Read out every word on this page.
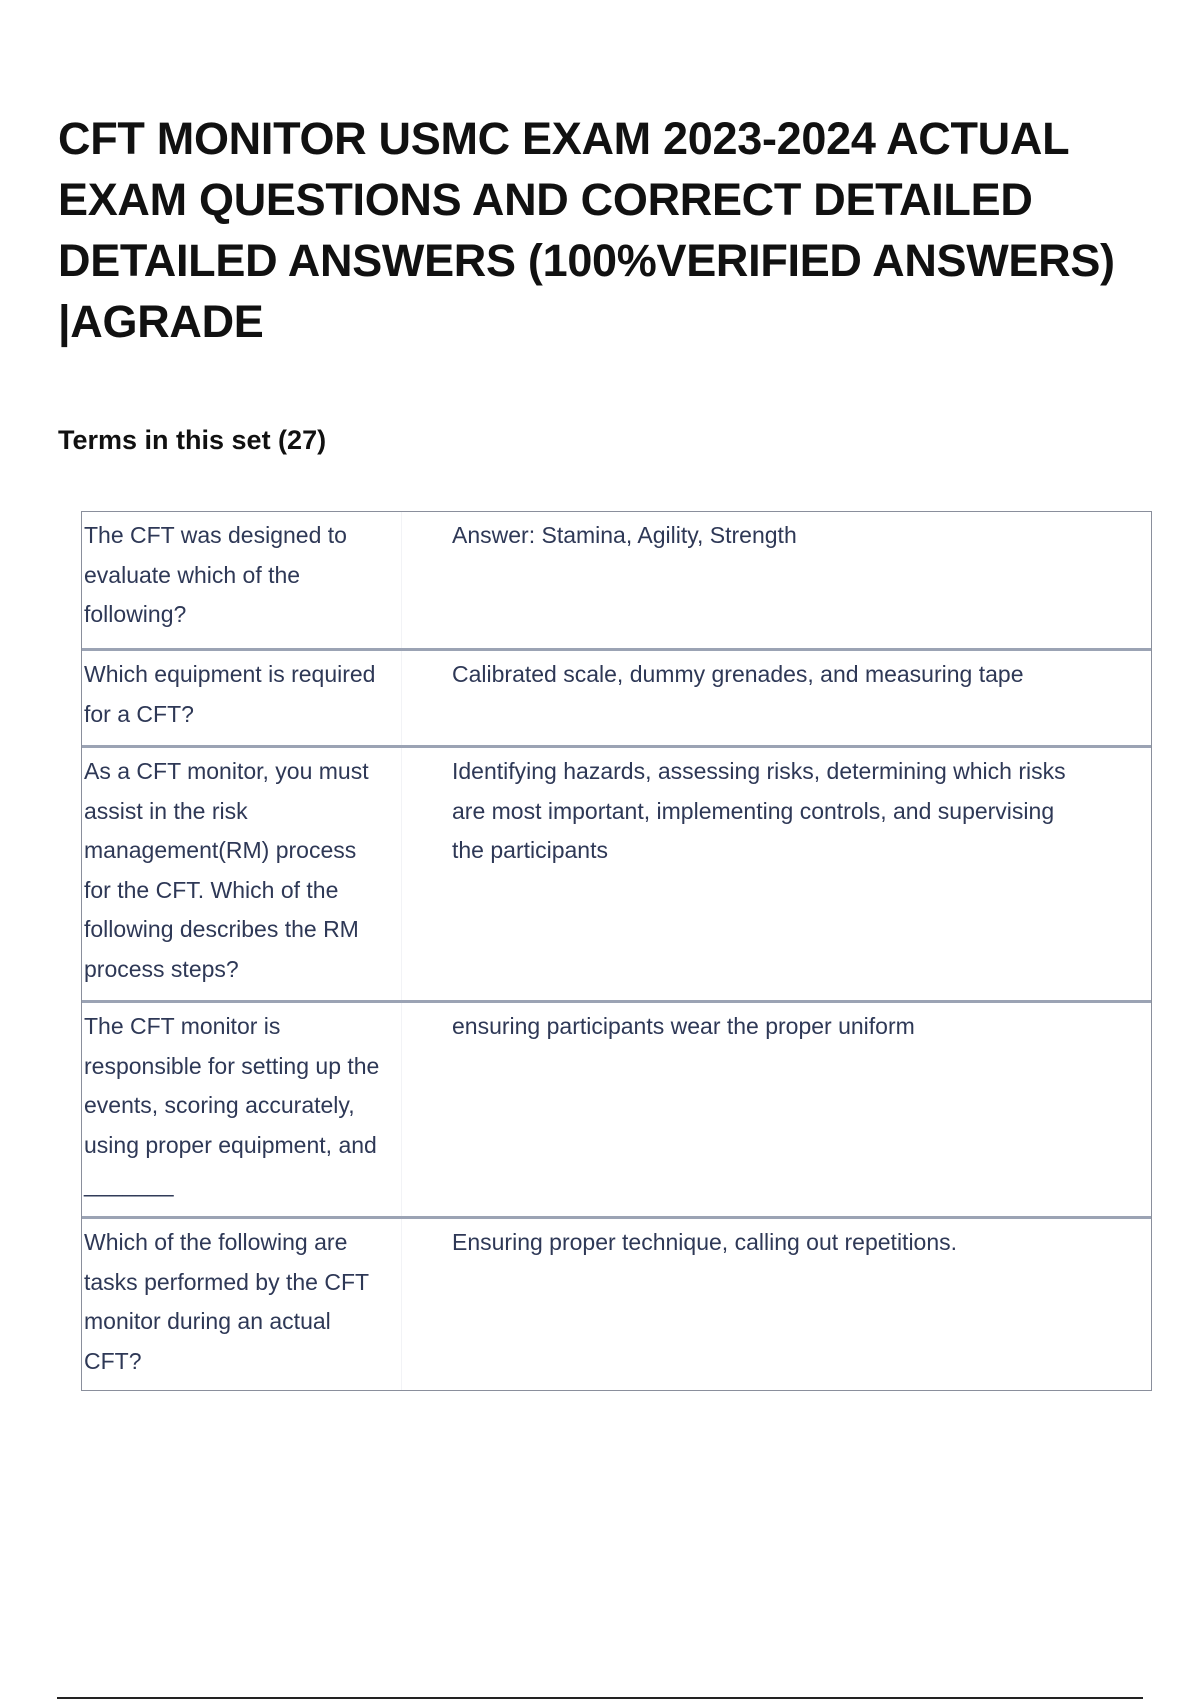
CFT MONITOR USMC EXAM 2023-2024 ACTUAL EXAM QUESTIONS AND CORRECT DETAILED DETAILED ANSWERS (100%VERIFIED ANSWERS) |AGRADE
Terms in this set (27)
The CFT was designed to evaluate which of the following?
Answer: Stamina, Agility, Strength
Which equipment is required for a CFT?
Calibrated scale, dummy grenades, and measuring tape
As a CFT monitor, you must assist in the risk management(RM) process for the CFT. Which of the following describes the RM process steps?
Identifying hazards, assessing risks, determining which risks are most important, implementing controls, and supervising the participants
The CFT monitor is responsible for setting up the events, scoring accurately, using proper equipment, and _______
ensuring participants wear the proper uniform
Which of the following are tasks performed by the CFT monitor during an actual CFT?
Ensuring proper technique, calling out repetitions.
